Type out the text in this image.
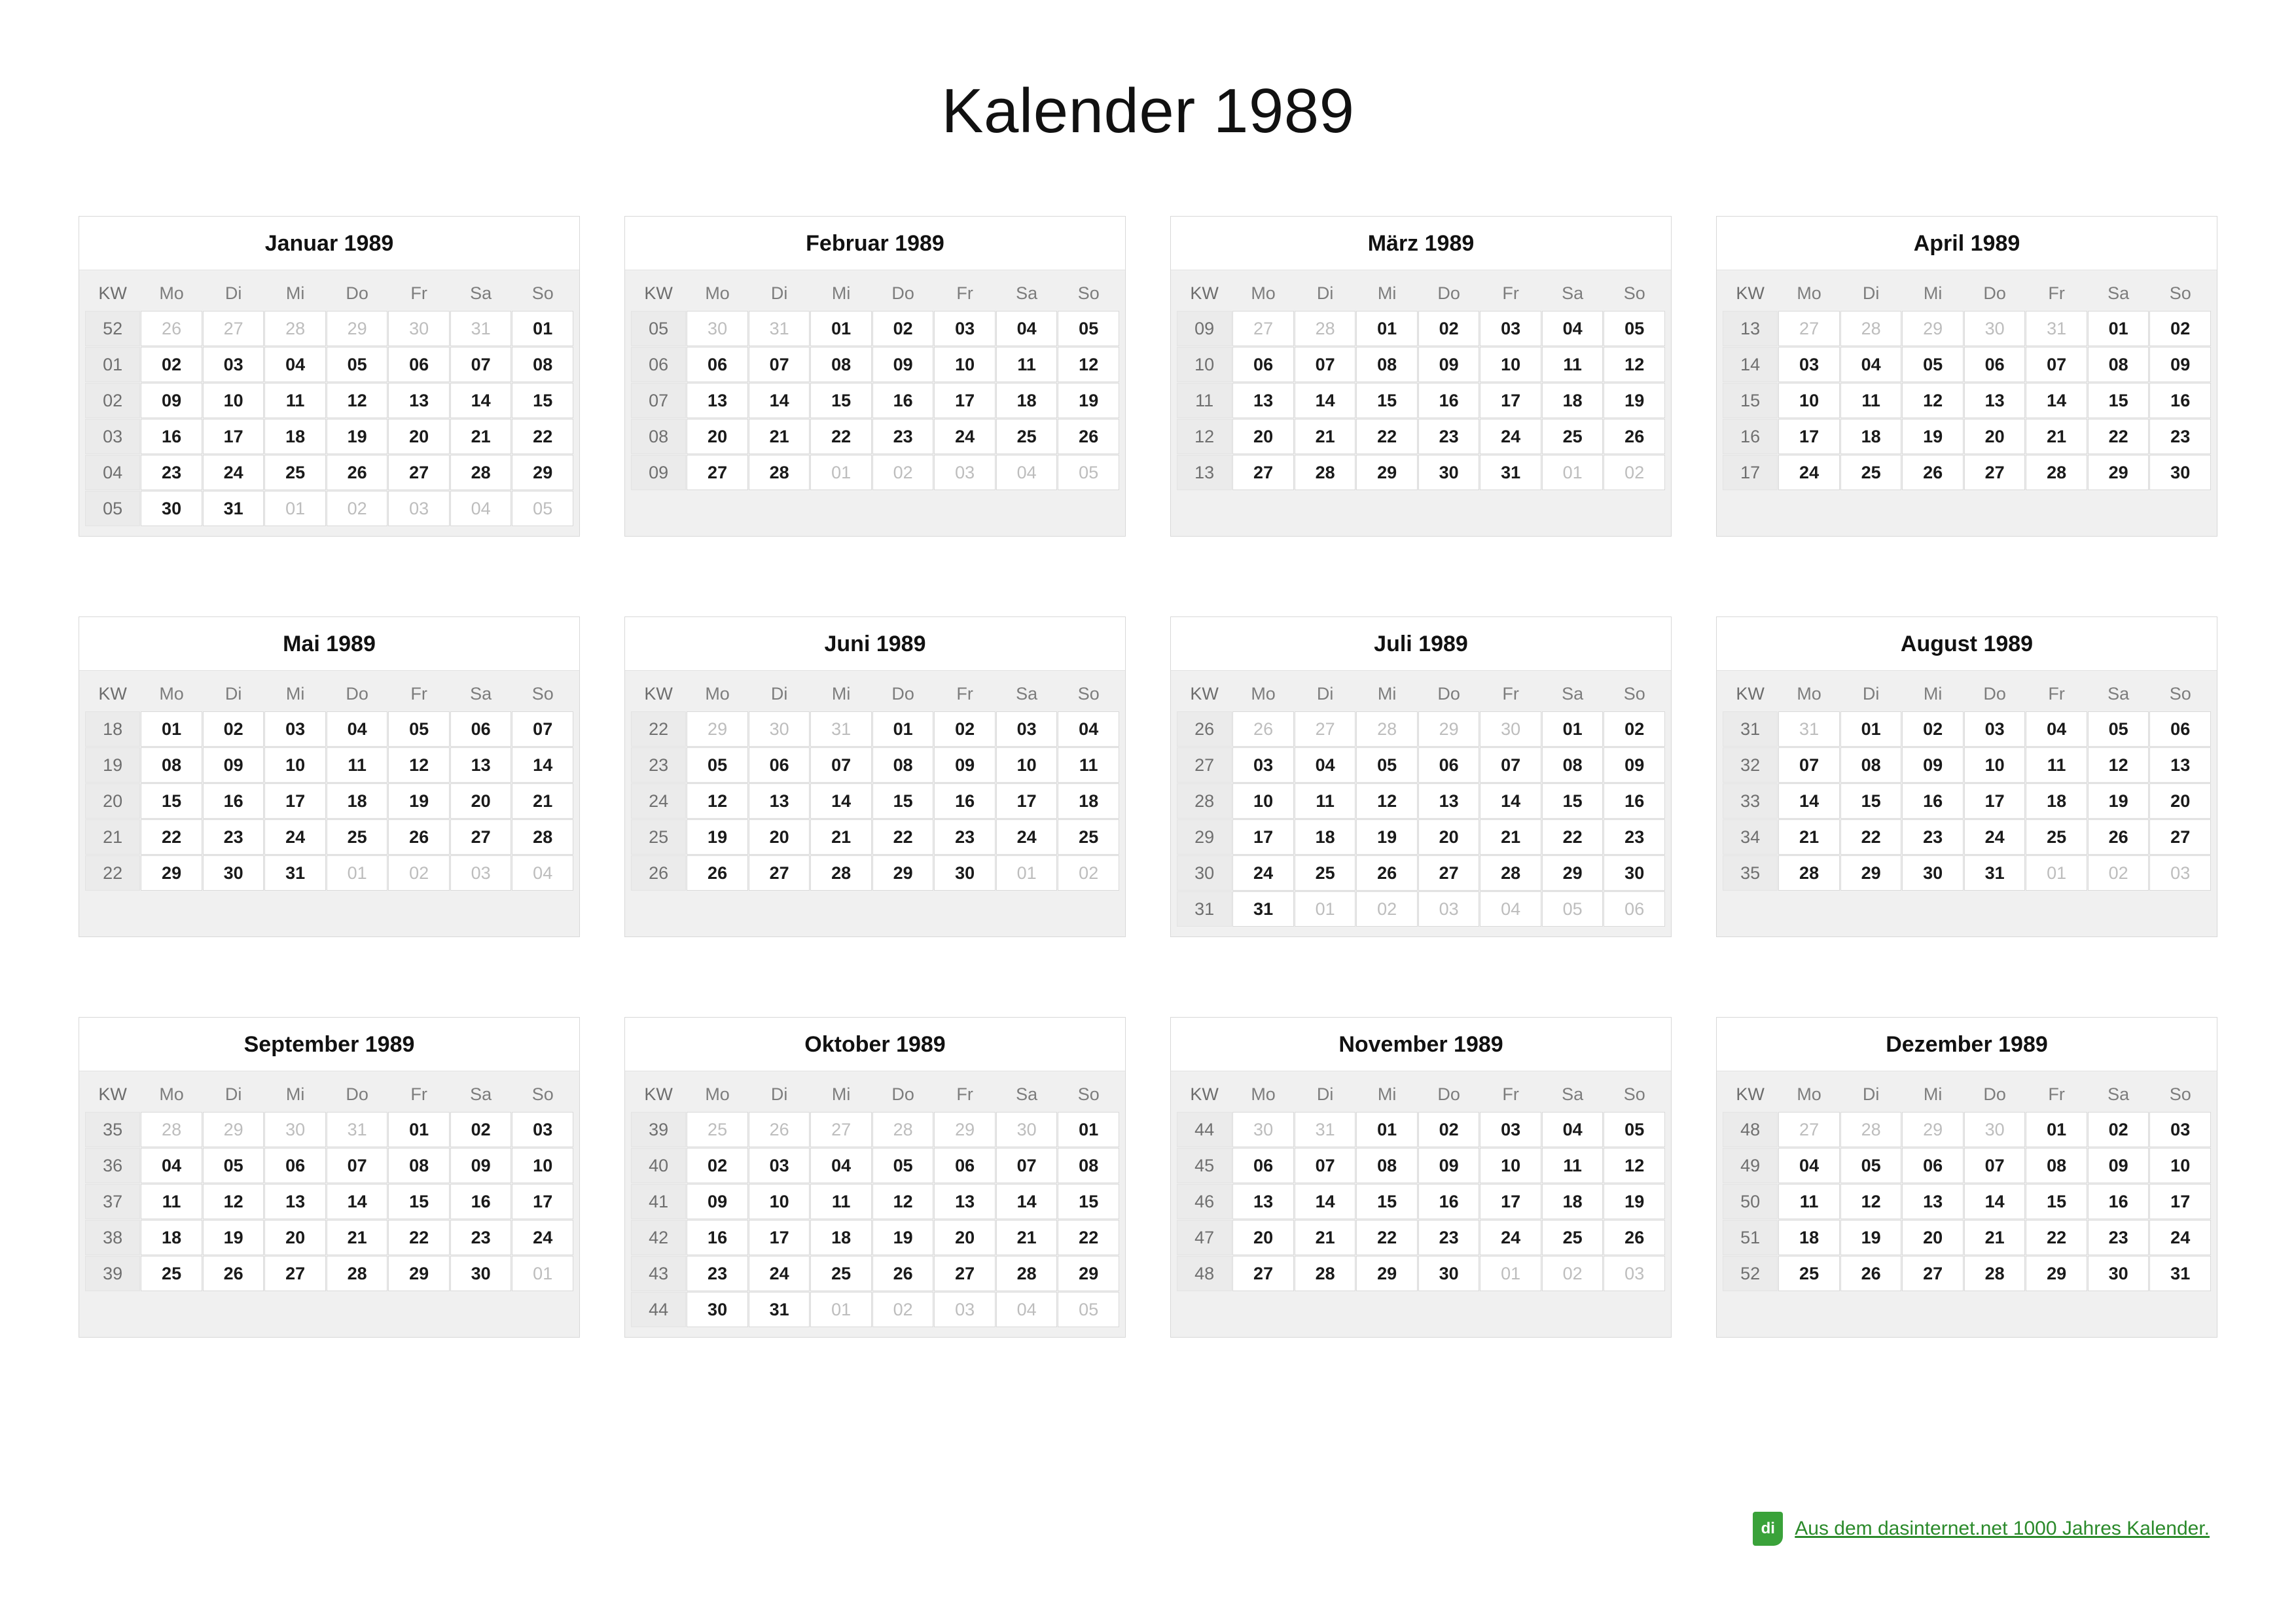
Kalender 1989
Januar 1989
KW	Mo	Di	Mi	Do	Fr	Sa	So
52	26	27	28	29	30	31	01
01	02	03	04	05	06	07	08
02	09	10	11	12	13	14	15
03	16	17	18	19	20	21	22
04	23	24	25	26	27	28	29
05	30	31	01	02	03	04	05
Februar 1989
KW	Mo	Di	Mi	Do	Fr	Sa	So
05	30	31	01	02	03	04	05
06	06	07	08	09	10	11	12
07	13	14	15	16	17	18	19
08	20	21	22	23	24	25	26
09	27	28	01	02	03	04	05
März 1989
KW	Mo	Di	Mi	Do	Fr	Sa	So
09	27	28	01	02	03	04	05
10	06	07	08	09	10	11	12
11	13	14	15	16	17	18	19
12	20	21	22	23	24	25	26
13	27	28	29	30	31	01	02
April 1989
KW	Mo	Di	Mi	Do	Fr	Sa	So
13	27	28	29	30	31	01	02
14	03	04	05	06	07	08	09
15	10	11	12	13	14	15	16
16	17	18	19	20	21	22	23
17	24	25	26	27	28	29	30
Mai 1989
KW	Mo	Di	Mi	Do	Fr	Sa	So
18	01	02	03	04	05	06	07
19	08	09	10	11	12	13	14
20	15	16	17	18	19	20	21
21	22	23	24	25	26	27	28
22	29	30	31	01	02	03	04
Juni 1989
KW	Mo	Di	Mi	Do	Fr	Sa	So
22	29	30	31	01	02	03	04
23	05	06	07	08	09	10	11
24	12	13	14	15	16	17	18
25	19	20	21	22	23	24	25
26	26	27	28	29	30	01	02
Juli 1989
KW	Mo	Di	Mi	Do	Fr	Sa	So
26	26	27	28	29	30	01	02
27	03	04	05	06	07	08	09
28	10	11	12	13	14	15	16
29	17	18	19	20	21	22	23
30	24	25	26	27	28	29	30
31	31	01	02	03	04	05	06
August 1989
KW	Mo	Di	Mi	Do	Fr	Sa	So
31	31	01	02	03	04	05	06
32	07	08	09	10	11	12	13
33	14	15	16	17	18	19	20
34	21	22	23	24	25	26	27
35	28	29	30	31	01	02	03
September 1989
KW	Mo	Di	Mi	Do	Fr	Sa	So
35	28	29	30	31	01	02	03
36	04	05	06	07	08	09	10
37	11	12	13	14	15	16	17
38	18	19	20	21	22	23	24
39	25	26	27	28	29	30	01
Oktober 1989
KW	Mo	Di	Mi	Do	Fr	Sa	So
39	25	26	27	28	29	30	01
40	02	03	04	05	06	07	08
41	09	10	11	12	13	14	15
42	16	17	18	19	20	21	22
43	23	24	25	26	27	28	29
44	30	31	01	02	03	04	05
November 1989
KW	Mo	Di	Mi	Do	Fr	Sa	So
44	30	31	01	02	03	04	05
45	06	07	08	09	10	11	12
46	13	14	15	16	17	18	19
47	20	21	22	23	24	25	26
48	27	28	29	30	01	02	03
Dezember 1989
KW	Mo	Di	Mi	Do	Fr	Sa	So
48	27	28	29	30	01	02	03
49	04	05	06	07	08	09	10
50	11	12	13	14	15	16	17
51	18	19	20	21	22	23	24
52	25	26	27	28	29	30	31
di	Aus dem dasinternet.net 1000 Jahres Kalender.
